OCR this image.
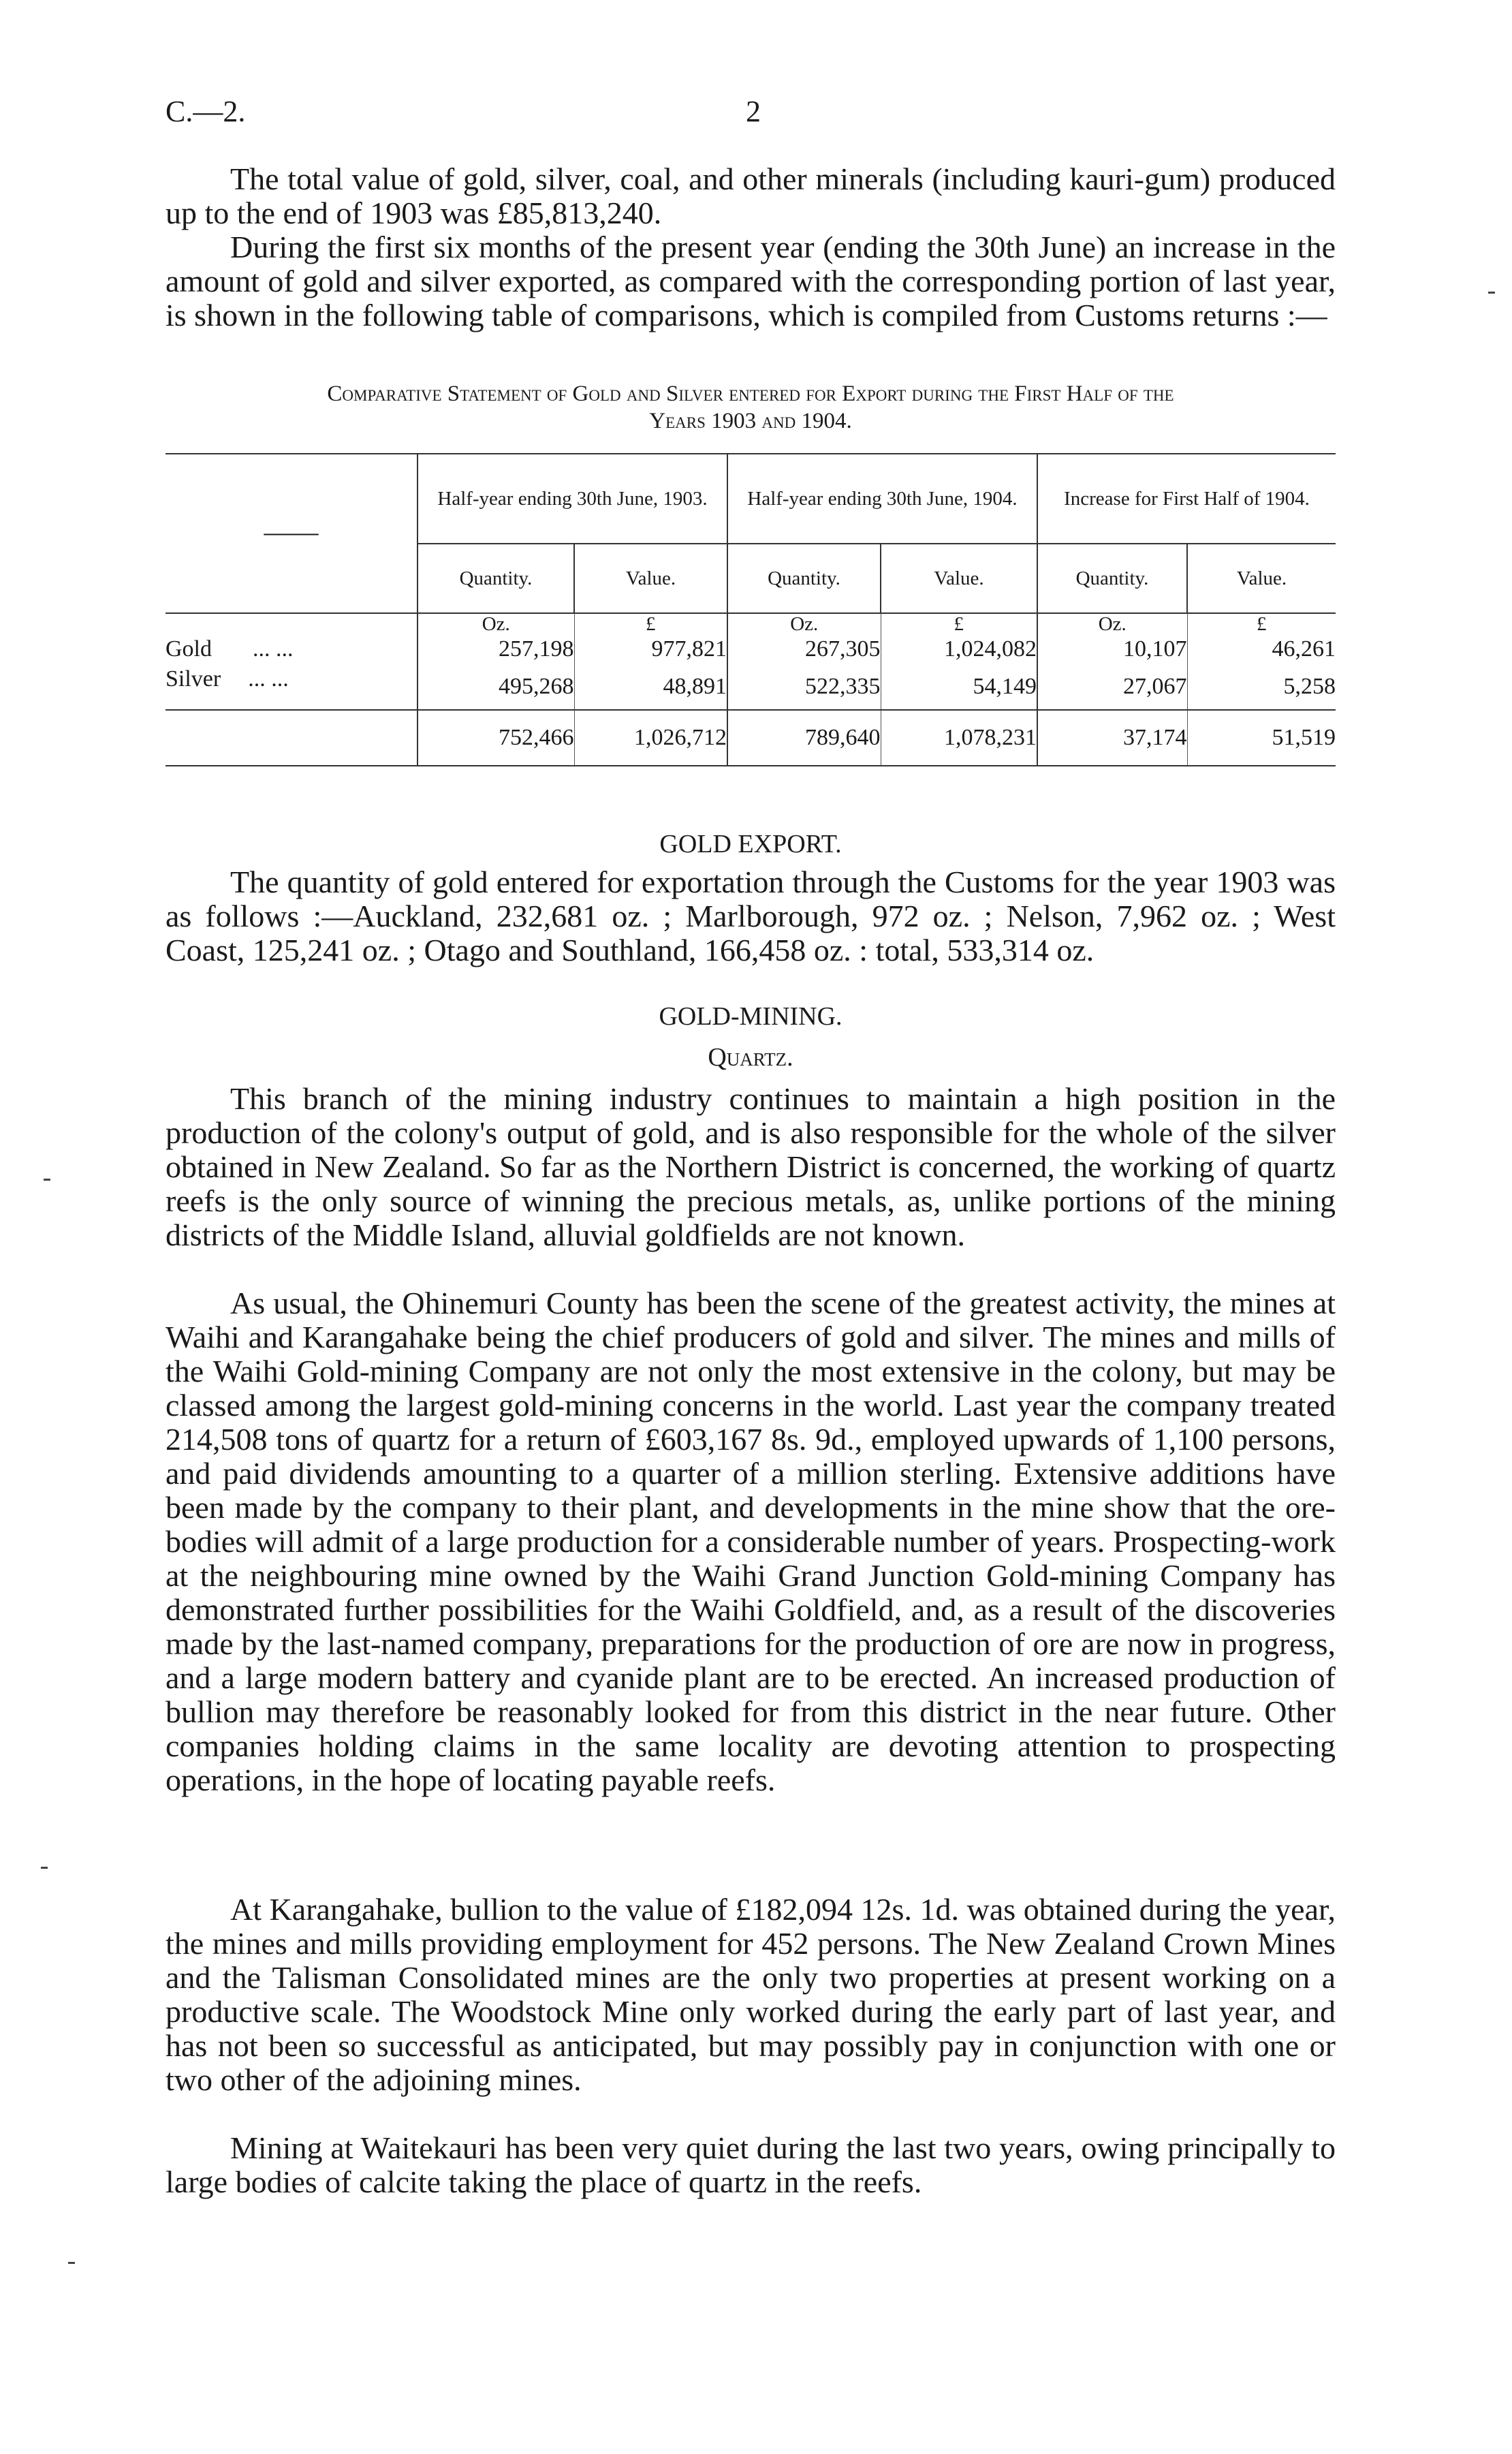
C.—2.	2
The total value of gold, silver, coal, and other minerals (including kauri-gum) produced up to the end of 1903 was £85,813,240.
During the first six months of the present year (ending the 30th June) an increase in the amount of gold and silver exported, as compared with the corresponding portion of last year, is shown in the following table of comparisons, which is compiled from Customs returns :—
Comparative Statement of Gold and Silver entered for Export during the First Half of the
Years 1903 and 1904.
——	Half-year ending 30th June, 1903.		Half-year ending 30th June, 1904.		Increase for First Half of 1904.	
	Quantity.	Value.	Quantity.	Value.	Quantity.	Value.
	Oz.	£	Oz.	£	Oz.	£
Gold ... ...	257,198	977,821	267,305	1,024,082	10,107	46,261
Silver ... ...	495,268	48,891	522,335	54,149	27,067	5,258
	752,466	1,026,712	789,640	1,078,231	37,174	51,519
GOLD EXPORT.
The quantity of gold entered for exportation through the Customs for the year 1903 was as follows :—Auckland, 232,681 oz. ; Marlborough, 972 oz. ; Nelson, 7,962 oz. ; West Coast, 125,241 oz. ; Otago and Southland, 166,458 oz. : total, 533,314 oz.
GOLD-MINING.
Quartz.
This branch of the mining industry continues to maintain a high position in the production of the colony's output of gold, and is also responsible for the whole of the silver obtained in New Zealand. So far as the Northern District is concerned, the working of quartz reefs is the only source of winning the precious metals, as, unlike portions of the mining districts of the Middle Island, alluvial goldfields are not known.
As usual, the Ohinemuri County has been the scene of the greatest activity, the mines at Waihi and Karangahake being the chief producers of gold and silver. The mines and mills of the Waihi Gold-mining Company are not only the most extensive in the colony, but may be classed among the largest gold-mining concerns in the world. Last year the company treated 214,508 tons of quartz for a return of £603,167 8s. 9d., employed upwards of 1,100 persons, and paid dividends amounting to a quarter of a million sterling. Extensive additions have been made by the company to their plant, and developments in the mine show that the ore-bodies will admit of a large production for a considerable number of years. Prospecting-work at the neighbouring mine owned by the Waihi Grand Junction Gold-mining Company has demonstrated further possibilities for the Waihi Goldfield, and, as a result of the discoveries made by the last-named company, preparations for the production of ore are now in progress, and a large modern battery and cyanide plant are to be erected. An increased production of bullion may therefore be reasonably looked for from this district in the near future. Other companies holding claims in the same locality are devoting attention to prospecting operations, in the hope of locating payable reefs.
At Karangahake, bullion to the value of £182,094 12s. 1d. was obtained during the year, the mines and mills providing employment for 452 persons. The New Zealand Crown Mines and the Talisman Consolidated mines are the only two properties at present working on a productive scale. The Woodstock Mine only worked during the early part of last year, and has not been so successful as anticipated, but may possibly pay in conjunction with one or two other of the adjoining mines.
Mining at Waitekauri has been very quiet during the last two years, owing principally to large bodies of calcite taking the place of quartz in the reefs.
